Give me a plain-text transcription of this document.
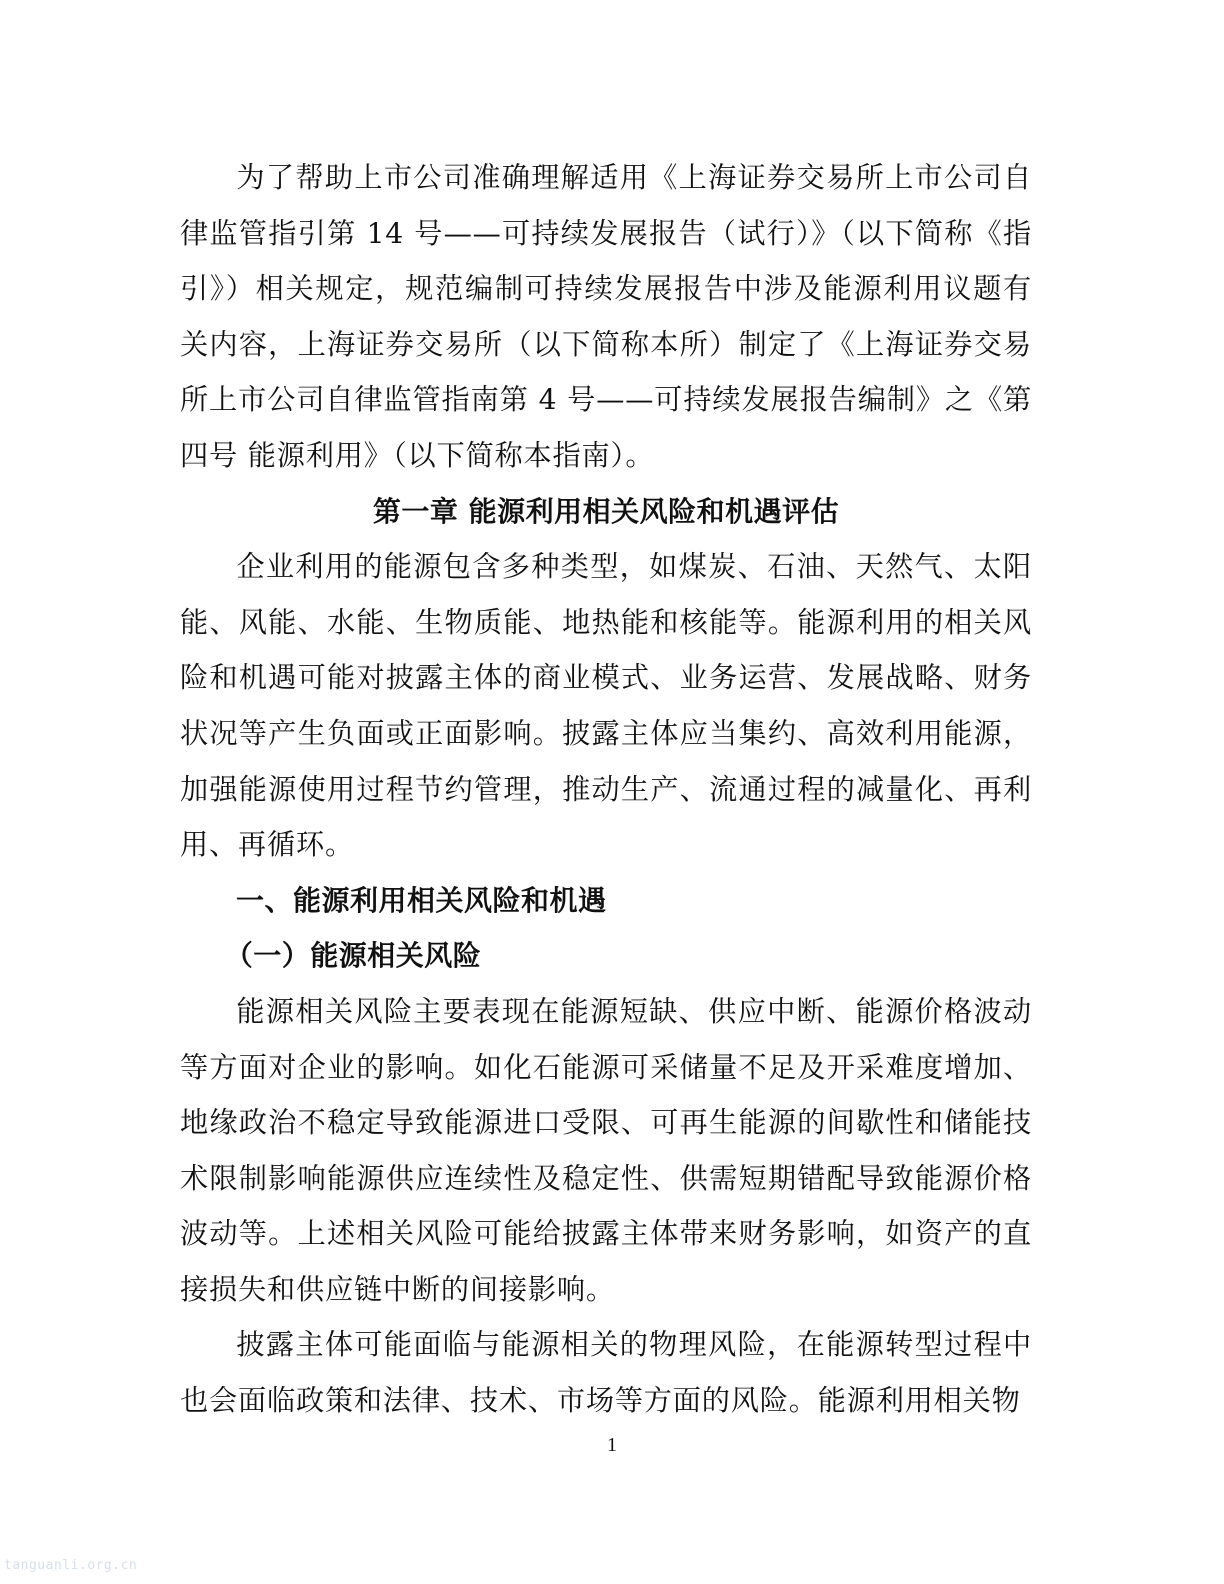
为了帮助上市公司准确理解适用《上海证券交易所上市公司自律监管指引第 14 号——可持续发展报告（试行）》（以下简称《指引》）相关规定，规范编制可持续发展报告中涉及能源利用议题有关内容，上海证券交易所（以下简称本所）制定了《上海证券交易所上市公司自律监管指南第 4 号——可持续发展报告编制》之《第四号 能源利用》（以下简称本指南）。

第一章 能源利用相关风险和机遇评估

企业利用的能源包含多种类型，如煤炭、石油、天然气、太阳能、风能、水能、生物质能、地热能和核能等。能源利用的相关风险和机遇可能对披露主体的商业模式、业务运营、发展战略、财务状况等产生负面或正面影响。披露主体应当集约、高效利用能源，加强能源使用过程节约管理，推动生产、流通过程的减量化、再利用、再循环。

一、能源利用相关风险和机遇

（一）能源相关风险

能源相关风险主要表现在能源短缺、供应中断、能源价格波动等方面对企业的影响。如化石能源可采储量不足及开采难度增加、地缘政治不稳定导致能源进口受限、可再生能源的间歇性和储能技术限制影响能源供应连续性及稳定性、供需短期错配导致能源价格波动等。上述相关风险可能给披露主体带来财务影响，如资产的直接损失和供应链中断的间接影响。

披露主体可能面临与能源相关的物理风险，在能源转型过程中也会面临政策和法律、技术、市场等方面的风险。能源利用相关物

1
tanguanli.org.cn
